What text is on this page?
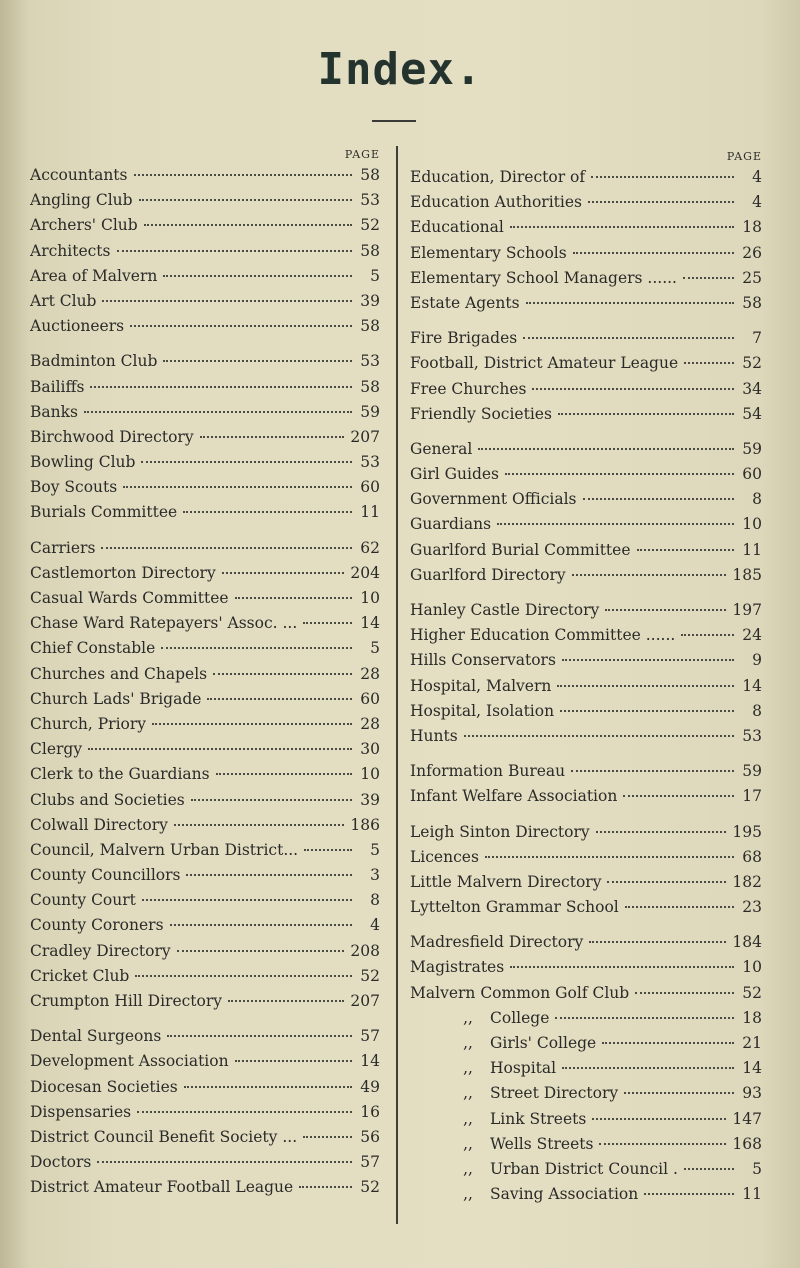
Index.
PAGE
Accountants	58
Angling Club	53
Archers' Club	52
Architects	58
Area of Malvern	5
Art Club	39
Auctioneers	58
Badminton Club	53
Bailiffs	58
Banks	59
Birchwood Directory	207
Bowling Club	53
Boy Scouts	60
Burials Committee	11
Carriers	62
Castlemorton Directory	204
Casual Wards Committee	10
Chase Ward Ratepayers' Assoc. ...	14
Chief Constable	5
Churches and Chapels	28
Church Lads' Brigade	60
Church, Priory	28
Clergy	30
Clerk to the Guardians	10
Clubs and Societies	39
Colwall Directory	186
Council, Malvern Urban District...	5
County Councillors	3
County Court	8
County Coroners	4
Cradley Directory	208
Cricket Club	52
Crumpton Hill Directory	207
Dental Surgeons	57
Development Association	14
Diocesan Societies	49
Dispensaries	16
District Council Benefit Society ...	56
Doctors	57
District Amateur Football League	52
PAGE
Education, Director of	4
Education Authorities	4
Educational	18
Elementary Schools	26
Elementary School Managers ......	25
Estate Agents	58
Fire Brigades	7
Football, District Amateur League	52
Free Churches	34
Friendly Societies	54
General	59
Girl Guides	60
Government Officials	8
Guardians	10
Guarlford Burial Committee	11
Guarlford Directory	185
Hanley Castle Directory	197
Higher Education Committee ......	24
Hills Conservators	9
Hospital, Malvern	14
Hospital, Isolation	8
Hunts	53
Information Bureau	59
Infant Welfare Association	17
Leigh Sinton Directory	195
Licences	68
Little Malvern Directory	182
Lyttelton Grammar School	23
Madresfield Directory	184
Magistrates	10
Malvern Common Golf Club	52
,,	College	18
,,	Girls' College	21
,,	Hospital	14
,,	Street Directory	93
,,	Link Streets	147
,,	Wells Streets	168
,,	Urban District Council .	5
,,	Saving Association	11
